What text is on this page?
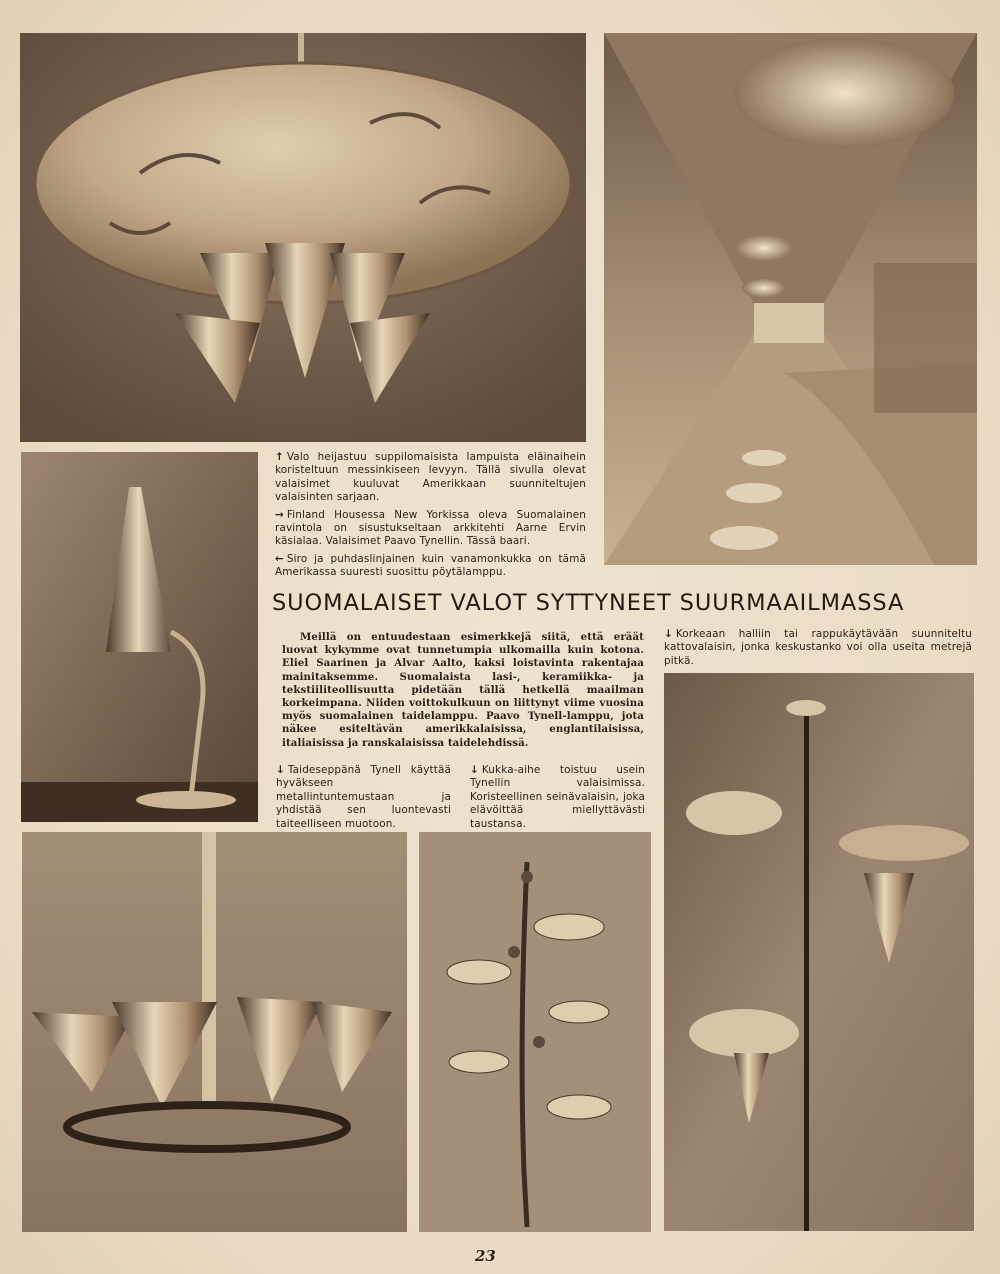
↑ Valo heijastuu suppilomaisista lampuista eläinaihein koristeltuun messinkiseen levyyn. Tällä sivulla olevat valaisimet kuuluvat Amerikkaan suunniteltujen valaisinten sarjaan.

→ Finland Housessa New Yorkissa oleva Suomalainen ravintola on sisustukseltaan arkkitehti Aarne Ervin käsialaa. Valaisimet Paavo Tynellin. Tässä baari.

← Siro ja puhdaslinjainen kuin vanamonkukka on tämä Amerikassa suuresti suosittu pöytälamppu.

SUOMALAISET VALOT SYTTYNEET SUURMAAILMASSA
Meillä on entuudestaan esimerkkejä siitä, että eräät luovat kykymme ovat tunnetumpia ulkomailla kuin kotona. Eliel Saarinen ja Alvar Aalto, kaksi loistavinta rakentajaa mainitaksemme. Suomalaista lasi-, keramiikka- ja tekstiiliteollisuutta pidetään tällä hetkellä maailman korkeimpana. Niiden voittokulkuun on liittynyt viime vuosina myös suomalainen taidelamppu. Paavo Tynell-lamppu, jota näkee esiteltävän amerikkalaisissa, englantilaisissa, italiaisissa ja ranskalaisissa taidelehdissä.

↓ Korkeaan halliin tai rappukäytävään suunniteltu kattovalaisin, jonka keskustanko voi olla useita metrejä pitkä.

↓ Taideseppänä Tynell käyttää hyväkseen metallintuntemustaan ja yhdistää sen luontevasti taiteelliseen muotoon.

↓ Kukka-aihe toistuu usein Tynellin valaisimissa. Koristeellinen seinävalaisin, joka elävöittää miellyttävästi taustansa.

23
